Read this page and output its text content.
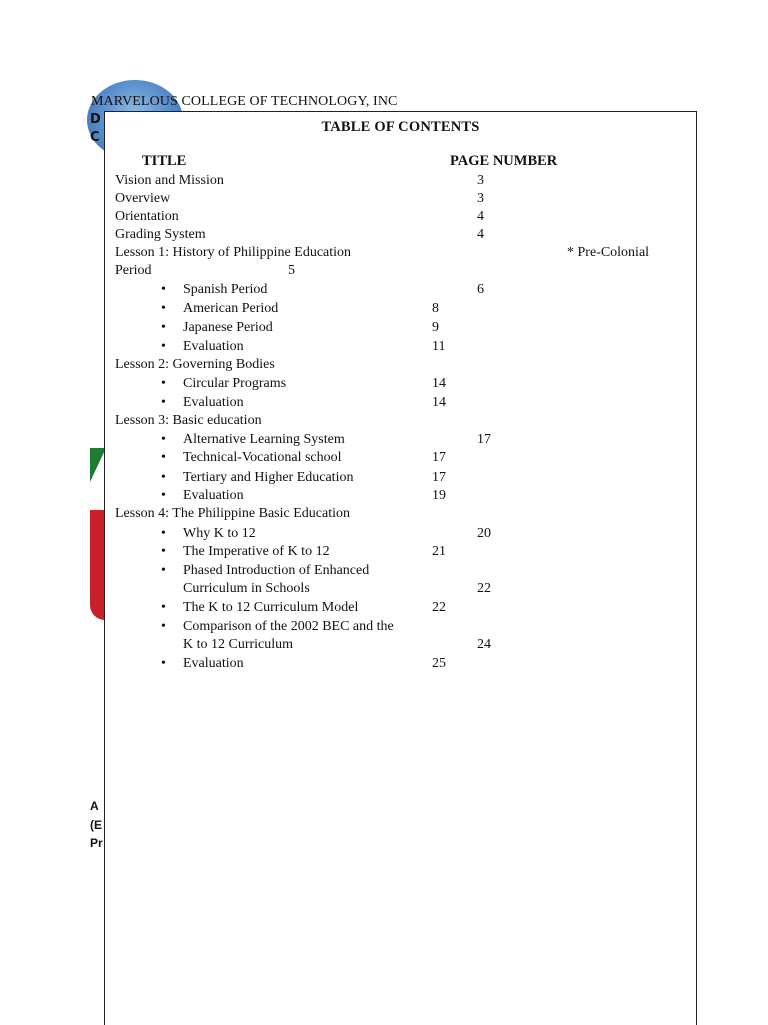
MARVELOUS COLLEGE OF TECHNOLOGY, INC
D
C
A
(E
Pr
TABLE OF CONTENTS
TITLE	PAGE NUMBER
Vision and Mission	3
Overview	3
Orientation	4
Grading System	4
Lesson 1: History of Philippine Education	* Pre-Colonial
Period	5
• Spanish Period	6
• American Period	8
• Japanese Period	9
• Evaluation	11
Lesson 2: Governing Bodies
• Circular Programs	14
• Evaluation	14
Lesson 3: Basic education
• Alternative Learning System	17
• Technical-Vocational school	17
• Tertiary and Higher Education	17
• Evaluation	19
Lesson 4: The Philippine Basic Education
• Why K to 12	20
• The Imperative of K to 12	21
• Phased Introduction of Enhanced
Curriculum in Schools	22
• The K to 12 Curriculum Model	22
• Comparison of the 2002 BEC and the
K to 12 Curriculum	24
• Evaluation	25
